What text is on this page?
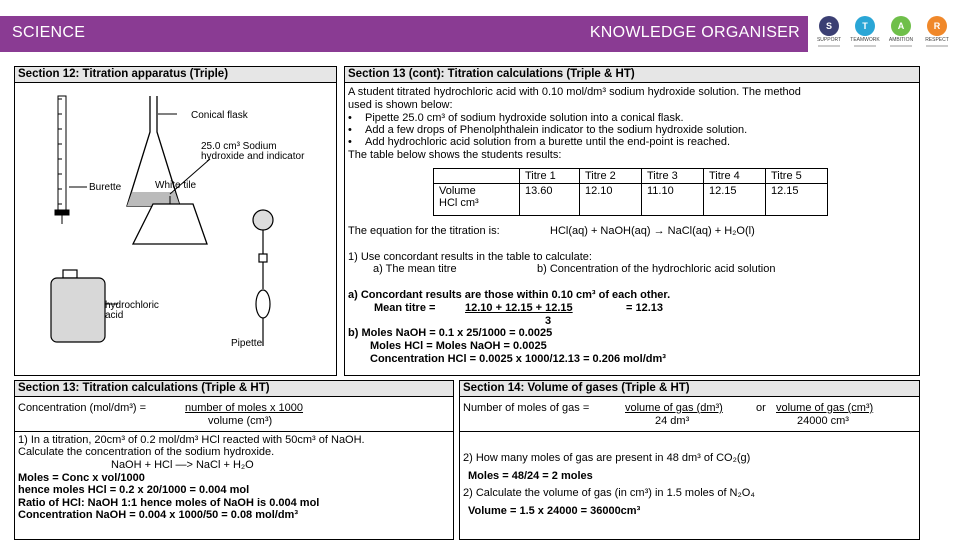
SCIENCE	KNOWLEDGE ORGANISER	S
SUPPORT
T
TEAMWORK
A
AMBITION
R
RESPECT
Section 12: Titration apparatus (Triple)
Conical flask
25.0 cm³ Sodium
hydroxide and indicator
Burette	White tile
hydrochloric
acid
Pipette
Section 13 (cont): Titration calculations (Triple & HT)
A student titrated hydrochloric acid with 0.10 mol/dm³ sodium hydroxide solution. The method
used is shown below:
• Pipette 25.0 cm³ of sodium hydroxide solution into a conical flask.
• Add a few drops of Phenolphthalein indicator to the sodium hydroxide solution.
• Add hydrochloric acid solution from a burette until the end-point is reached.
The table below shows the students results:
	Titre 1	Titre 2	Titre 3	Titre 4	Titre 5
Volume
HCl cm³	13.60	12.10	11.10	12.15	12.15
The equation for the titration is:	HCl(aq) + NaOH(aq) → NaCl(aq) + H₂O(l)
1) Use concordant results in the table to calculate:
a) The mean titre	b) Concentration of the hydrochloric acid solution
a) Concordant results are those within 0.10 cm³ of each other.
Mean titre =	12.10 + 12.15 + 12.15	= 12.13
3
b) Moles NaOH = 0.1 x 25/1000 = 0.0025
Moles HCl = Moles NaOH = 0.0025
Concentration HCl = 0.0025 x 1000/12.13 = 0.206 mol/dm³
Section 13: Titration calculations (Triple & HT)
Concentration (mol/dm³) =	number of moles x 1000
volume (cm³)
1) In a titration, 20cm³ of 0.2 mol/dm³ HCl reacted with 50cm³ of NaOH.
Calculate the concentration of the sodium hydroxide.
NaOH + HCl —> NaCl + H₂O
Moles = Conc x vol/1000
hence moles HCl = 0.2 x 20/1000 = 0.004 mol
Ratio of HCl: NaOH 1:1 hence moles of NaOH is 0.004 mol
Concentration NaOH = 0.004 x 1000/50 = 0.08 mol/dm³
Section 14: Volume of gases (Triple & HT)
Number of moles of gas =	volume of gas (dm³)
24 dm³
or volume of gas (cm³)
24000 cm³
2) How many moles of gas are present in 48 dm³ of CO₂(g)
Moles = 48/24 = 2 moles
2) Calculate the volume of gas (in cm³) in 1.5 moles of N₂O₄
Volume = 1.5 x 24000 = 36000cm³
